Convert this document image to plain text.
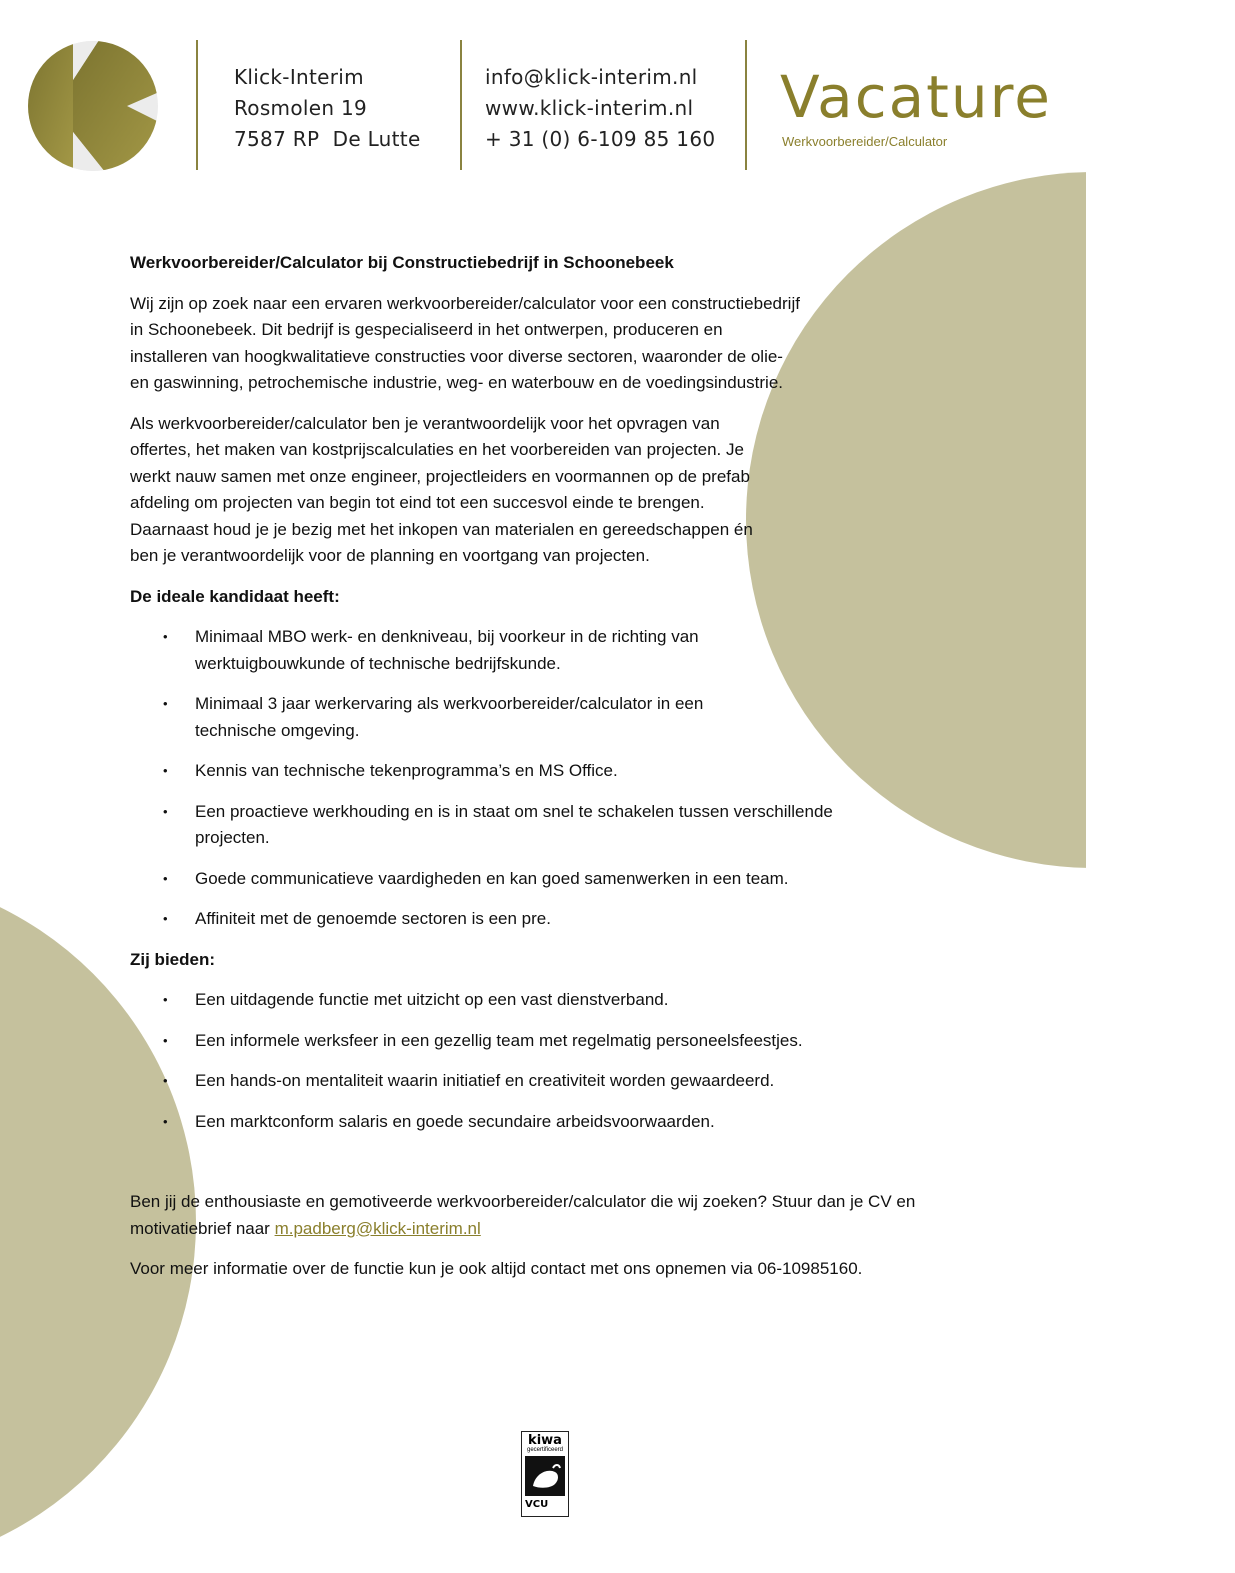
Klick-Interim
Rosmolen 19
7587 RP  De Lutte
info@klick-interim.nl
www.klick-interim.nl
+ 31 (0) 6-109 85 160
Vacature
Werkvoorbereider/Calculator
Werkvoorbereider/Calculator bij Constructiebedrijf in Schoonebeek

Wij zijn op zoek naar een ervaren werkvoorbereider/calculator voor een constructiebedrijf in Schoonebeek. Dit bedrijf is gespecialiseerd in het ontwerpen, produceren en installeren van hoogkwalitatieve constructies voor diverse sectoren, waaronder de olie- en gaswinning, petrochemische industrie, weg- en waterbouw en de voedingsindustrie.

Als werkvoorbereider/calculator ben je verantwoordelijk voor het opvragen van offertes, het maken van kostprijscalculaties en het voorbereiden van projecten. Je werkt nauw samen met onze engineer, projectleiders en voormannen op de prefab afdeling om projecten van begin tot eind tot een succesvol einde te brengen. Daarnaast houd je je bezig met het inkopen van materialen en gereedschappen én ben je verantwoordelijk voor de planning en voortgang van projecten.

De ideale kandidaat heeft:
• Minimaal MBO werk- en denkniveau, bij voorkeur in de richting van werktuigbouwkunde of technische bedrijfskunde.
• Minimaal 3 jaar werkervaring als werkvoorbereider/calculator in een technische omgeving.
• Kennis van technische tekenprogramma’s en MS Office.
• Een proactieve werkhouding en is in staat om snel te schakelen tussen verschillende projecten.
• Goede communicatieve vaardigheden en kan goed samenwerken in een team.
• Affiniteit met de genoemde sectoren is een pre.
Zij bieden:
• Een uitdagende functie met uitzicht op een vast dienstverband.
• Een informele werksfeer in een gezellig team met regelmatig personeelsfeestjes.
• Een hands-on mentaliteit waarin initiatief en creativiteit worden gewaardeerd.
• Een marktconform salaris en goede secundaire arbeidsvoorwaarden.

Ben jij de enthousiaste en gemotiveerde werkvoorbereider/calculator die wij zoeken? Stuur dan je CV en motivatiebrief naar m.padberg@klick-interim.nl

Voor meer informatie over de functie kun je ook altijd contact met ons opnemen via 06-10985160.

kiwa
gecertificeerd
VCU
